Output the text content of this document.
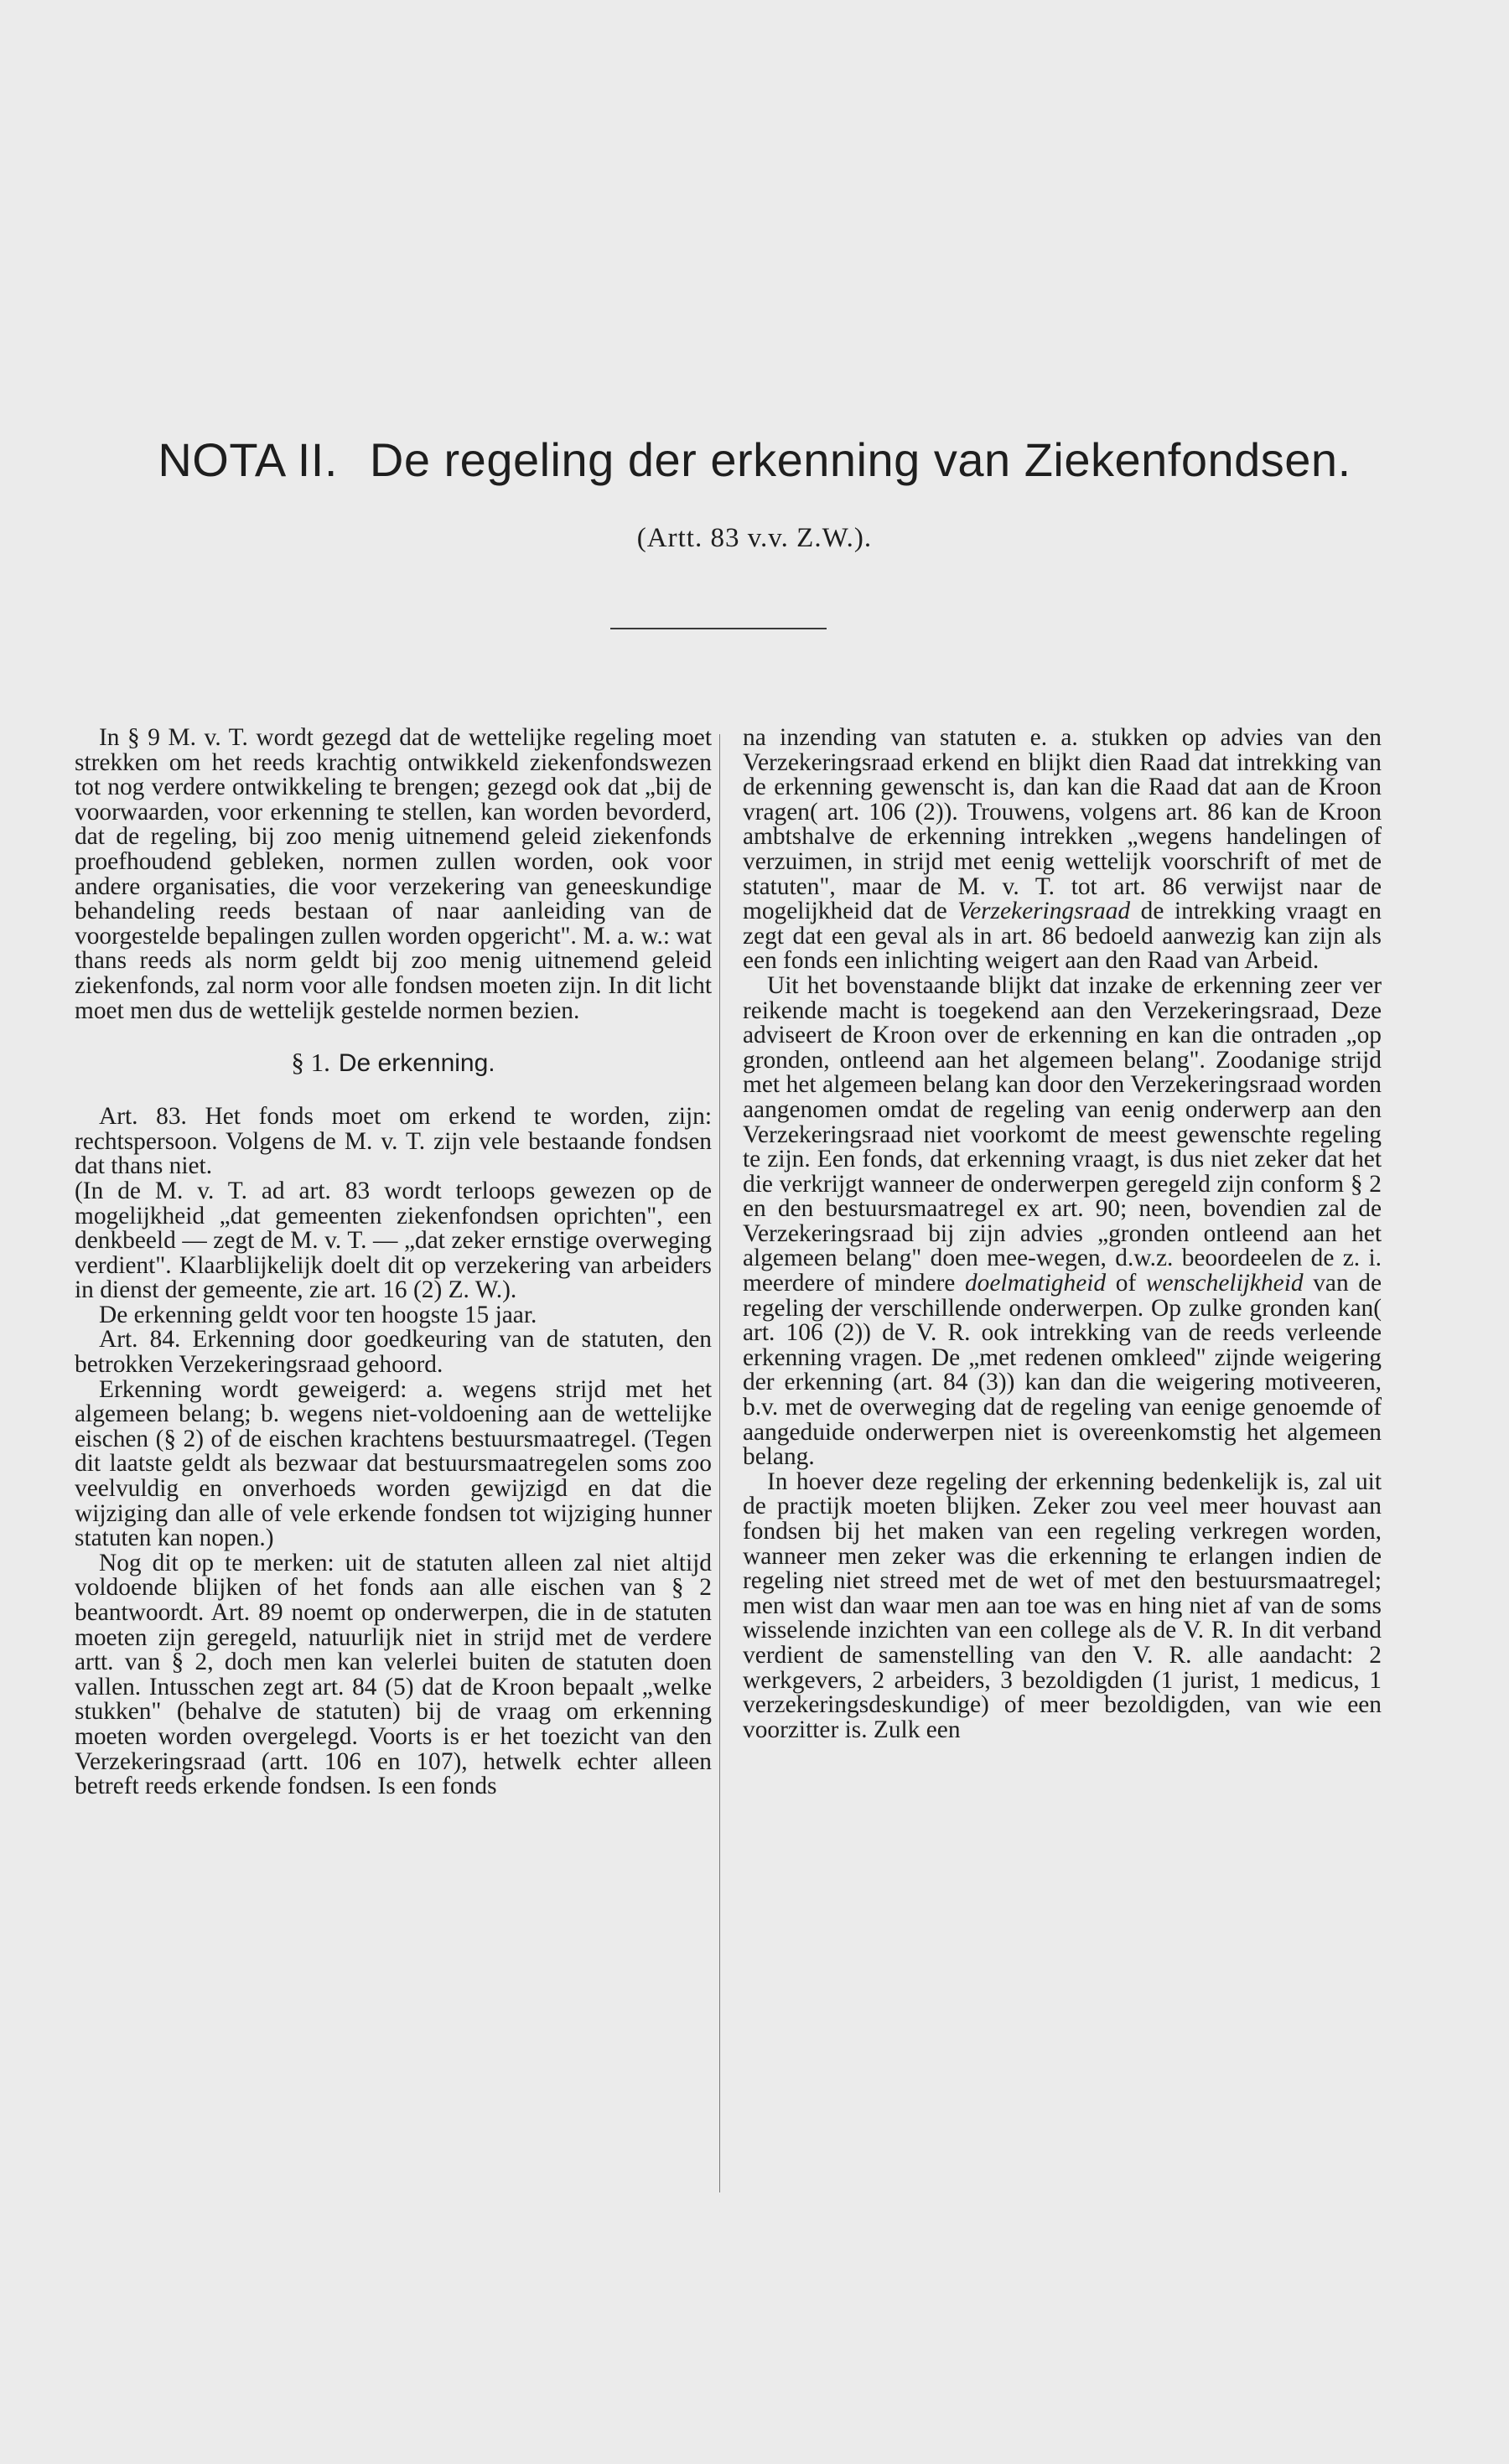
NOTA II. De regeling der erkenning van Ziekenfondsen.
(Artt. 83 v.v. Z.W.).

In § 9 M. v. T. wordt gezegd dat de wettelijke regeling moet strekken om het reeds krachtig ontwikkeld ziekenfondswezen tot nog verdere ontwikkeling te brengen; gezegd ook dat „bij de voorwaarden, voor erkenning te stellen, kan worden bevorderd, dat de regeling, bij zoo menig uitnemend geleid ziekenfonds proefhoudend gebleken, normen zullen worden, ook voor andere organisaties, die voor verzekering van geneeskundige behandeling reeds bestaan of naar aanleiding van de voorgestelde bepalingen zullen worden opgericht". M. a. w.: wat thans reeds als norm geldt bij zoo menig uitnemend geleid ziekenfonds, zal norm voor alle fondsen moeten zijn. In dit licht moet men dus de wettelijk gestelde normen bezien.

§ 1. De erkenning.

Art. 83. Het fonds moet om erkend te worden, zijn: rechtspersoon. Volgens de M. v. T. zijn vele bestaande fondsen dat thans niet.

(In de M. v. T. ad art. 83 wordt terloops gewezen op de mogelijkheid „dat gemeenten ziekenfondsen oprichten", een denkbeeld — zegt de M. v. T. — „dat zeker ernstige overweging verdient". Klaarblijkelijk doelt dit op verzekering van arbeiders in dienst der gemeente, zie art. 16 (2) Z. W.).

De erkenning geldt voor ten hoogste 15 jaar.

Art. 84. Erkenning door goedkeuring van de statuten, den betrokken Verzekeringsraad gehoord.

Erkenning wordt geweigerd: a. wegens strijd met het algemeen belang; b. wegens niet-voldoening aan de wettelijke eischen (§ 2) of de eischen krachtens bestuursmaatregel. (Tegen dit laatste geldt als bezwaar dat bestuursmaatregelen soms zoo veelvuldig en onverhoeds worden gewijzigd en dat die wijziging dan alle of vele erkende fondsen tot wijziging hunner statuten kan nopen.)

Nog dit op te merken: uit de statuten alleen zal niet altijd voldoende blijken of het fonds aan alle eischen van § 2 beantwoordt. Art. 89 noemt op onderwerpen, die in de statuten moeten zijn geregeld, natuurlijk niet in strijd met de verdere artt. van § 2, doch men kan velerlei buiten de statuten doen vallen. Intusschen zegt art. 84 (5) dat de Kroon bepaalt „welke stukken" (behalve de statuten) bij de vraag om erkenning moeten worden overgelegd. Voorts is er het toezicht van den Verzekeringsraad (artt. 106 en 107), hetwelk echter alleen betreft reeds erkende fondsen. Is een fonds

na inzending van statuten e. a. stukken op advies van den Verzekeringsraad erkend en blijkt dien Raad dat intrekking van de erkenning gewenscht is, dan kan die Raad dat aan de Kroon vragen( art. 106 (2)). Trouwens, volgens art. 86 kan de Kroon ambtshalve de erkenning intrekken „wegens handelingen of verzuimen, in strijd met eenig wettelijk voorschrift of met de statuten", maar de M. v. T. tot art. 86 verwijst naar de mogelijkheid dat de Verzekeringsraad de intrekking vraagt en zegt dat een geval als in art. 86 bedoeld aanwezig kan zijn als een fonds een inlichting weigert aan den Raad van Arbeid.

Uit het bovenstaande blijkt dat inzake de erkenning zeer ver reikende macht is toegekend aan den Verzekeringsraad, Deze adviseert de Kroon over de erkenning en kan die ontraden „op gronden, ontleend aan het algemeen belang". Zoodanige strijd met het algemeen belang kan door den Verzekeringsraad worden aangenomen omdat de regeling van eenig onderwerp aan den Verzekeringsraad niet voorkomt de meest gewenschte regeling te zijn. Een fonds, dat erkenning vraagt, is dus niet zeker dat het die verkrijgt wanneer de onderwerpen geregeld zijn conform § 2 en den bestuursmaatregel ex art. 90; neen, bovendien zal de Verzekeringsraad bij zijn advies „gronden ontleend aan het algemeen belang" doen mee-wegen, d.w.z. beoordeelen de z. i. meerdere of mindere doelmatigheid of wenschelijkheid van de regeling der verschillende onderwerpen. Op zulke gronden kan( art. 106 (2)) de V. R. ook intrekking van de reeds verleende erkenning vragen. De „met redenen omkleed" zijnde weigering der erkenning (art. 84 (3)) kan dan die weigering motiveeren, b.v. met de overweging dat de regeling van eenige genoemde of aangeduide onderwerpen niet is overeenkomstig het algemeen belang.

In hoever deze regeling der erkenning bedenkelijk is, zal uit de practijk moeten blijken. Zeker zou veel meer houvast aan fondsen bij het maken van een regeling verkregen worden, wanneer men zeker was die erkenning te erlangen indien de regeling niet streed met de wet of met den bestuursmaatregel; men wist dan waar men aan toe was en hing niet af van de soms wisselende inzichten van een college als de V. R. In dit verband verdient de samenstelling van den V. R. alle aandacht: 2 werkgevers, 2 arbeiders, 3 bezoldigden (1 jurist, 1 medicus, 1 verzekeringsdeskundige) of meer bezoldigden, van wie een voorzitter is. Zulk een
